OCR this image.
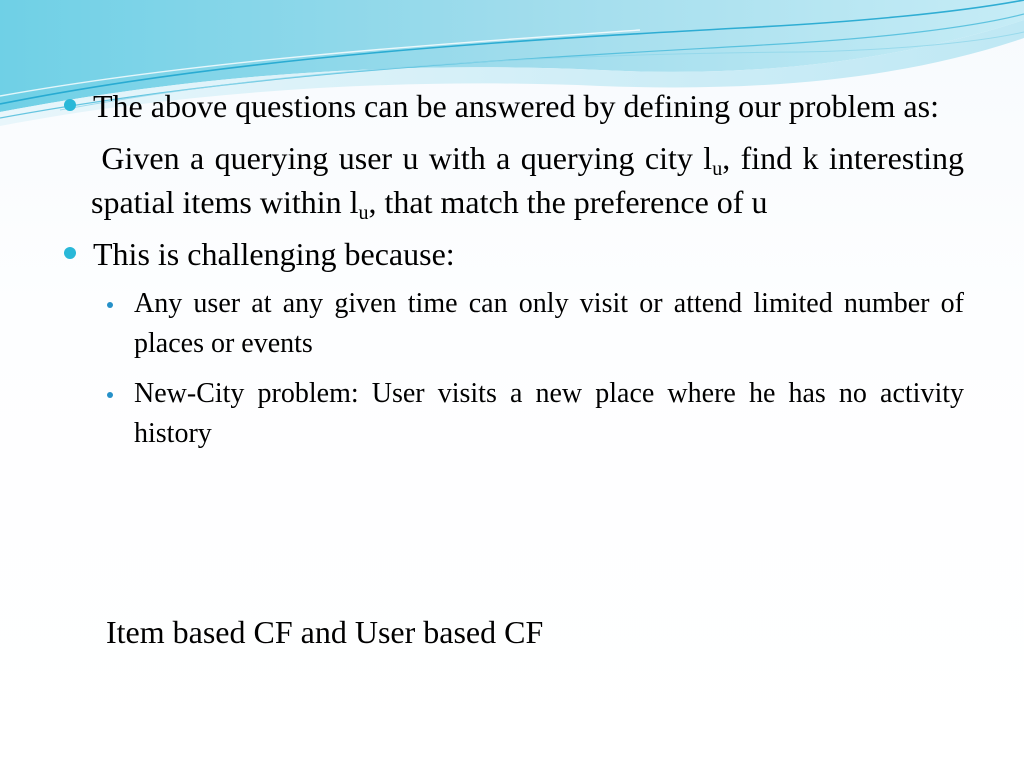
The above questions can be answered by defining our problem as:

Given a querying user u with a querying city $l_u$, find k interesting spatial items within $l_u$, that match the preference of u

This is challenging because:

Any user at any given time can only visit or attend limited number of places or events

New-City problem: User visits a new place where he has no activity history

Item based CF and User based CF
